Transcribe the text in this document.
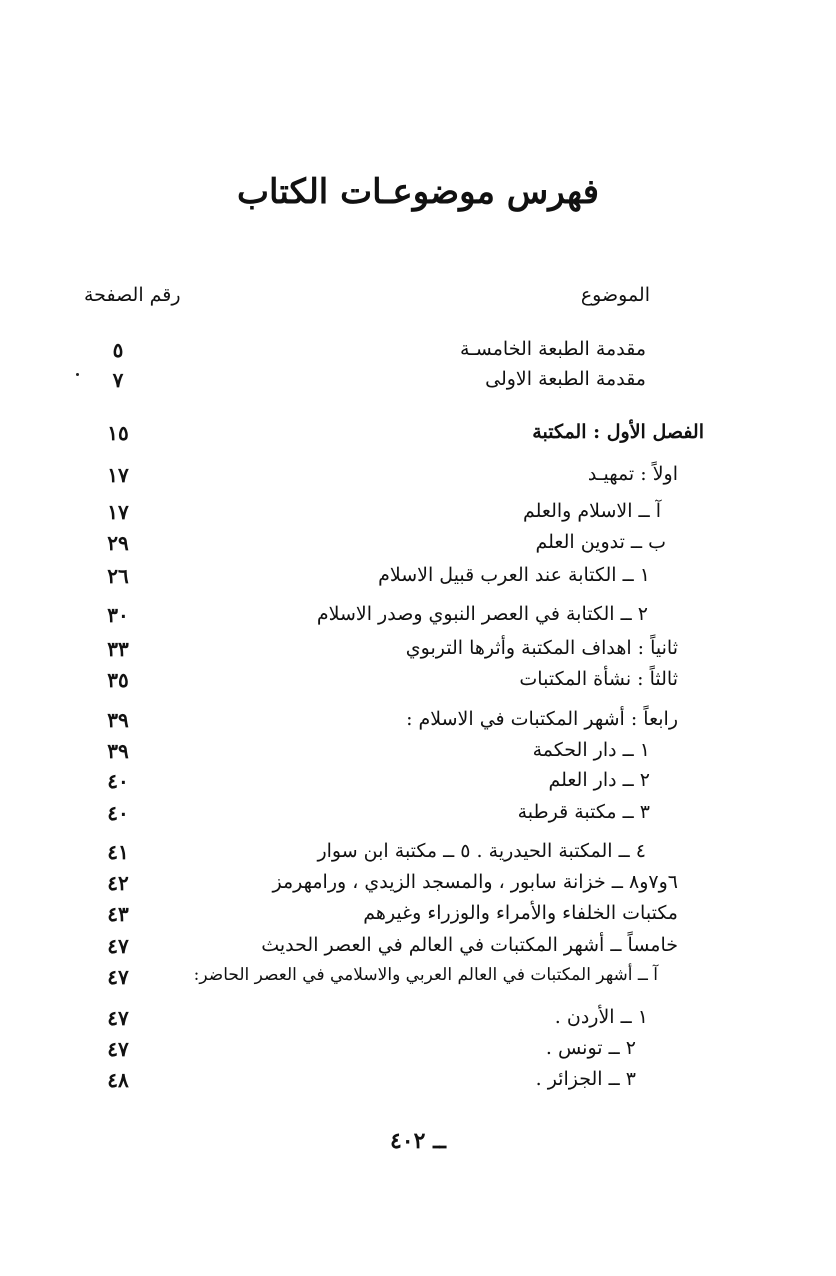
فهرس موضوعـات الكتاب
الموضوع
رقم الصفحة
مقدمة الطبعة الخامسـة
٥
مقدمة الطبعة الاولى
٧
الفصل الأول : المكتبة
١٥
اولاً : تمهيـد
١٧
آ ــ الاسلام والعلم
١٧
ب ــ تدوين العلم
٢٩
١ ــ الكتابة عند العرب قبيل الاسلام
٢٦
٢ ــ الكتابة في العصر النبوي وصدر الاسلام
٣٠
ثانياً : اهداف المكتبة وأثرها التربوي
٣٣
ثالثاً : نشأة المكتبات
٣٥
رابعاً : أشهر المكتبات في الاسلام :
٣٩
١ ــ دار الحكمة
٣٩
٢ ــ دار العلم
٤٠
٣ ــ مكتبة قرطبة
٤٠
٤ ــ المكتبة الحيدرية . ٥ ــ مكتبة ابن سوار
٤١
٦و٧و٨ ــ خزانة سابور ، والمسجد الزيدي ، ورامهرمز
٤٢
مكتبات الخلفاء والأمراء والوزراء وغيرهم
٤٣
خامساً ــ أشهر المكتبات في العالم في العصر الحديث
٤٧
آ ــ أشهر المكتبات في العالم العربي والاسلامي في العصر الحاضر:
٤٧
١ ــ الأردن .
٤٧
٢ ــ تونس .
٤٧
٣ ــ الجزائر .
٤٨
ــ ٤٠٢
